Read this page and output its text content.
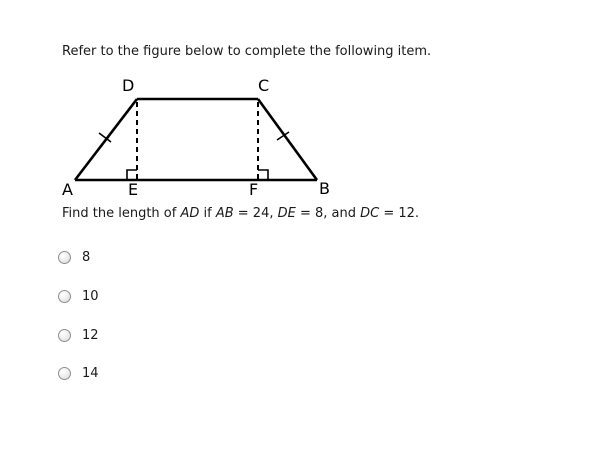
Refer to the figure below to complete the following item.
A	B
C
D
E	F
Find the length of AD if AB = 24, DE = 8, and DC = 12.
8
10
12
14
